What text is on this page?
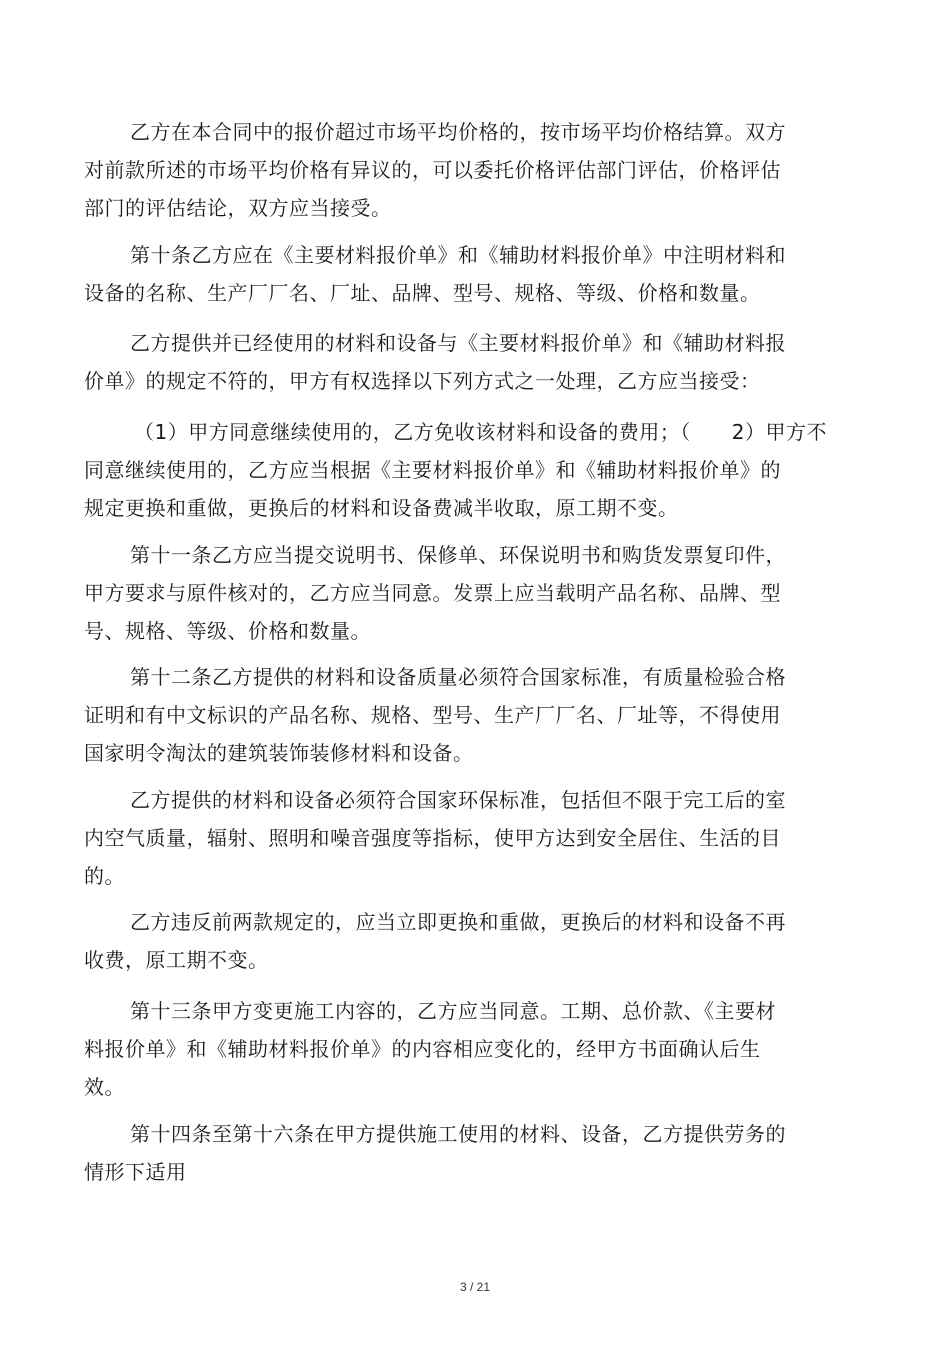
乙方在本合同中的报价超过市场平均价格的，按市场平均价格结算。双方
对前款所述的市场平均价格有异议的，可以委托价格评估部门评估，价格评估
部门的评估结论，双方应当接受。
第十条乙方应在《主要材料报价单》和《辅助材料报价单》中注明材料和
设备的名称、生产厂厂名、厂址、品牌、型号、规格、等级、价格和数量。
乙方提供并已经使用的材料和设备与《主要材料报价单》和《辅助材料报
价单》的规定不符的，甲方有权选择以下列方式之一处理，乙方应当接受：
（1）甲方同意继续使用的，乙方免收该材料和设备的费用；（　　2）甲方不
同意继续使用的，乙方应当根据《主要材料报价单》和《辅助材料报价单》的
规定更换和重做，更换后的材料和设备费减半收取，原工期不变。
第十一条乙方应当提交说明书、保修单、环保说明书和购货发票复印件，
甲方要求与原件核对的，乙方应当同意。发票上应当载明产品名称、品牌、型
号、规格、等级、价格和数量。
第十二条乙方提供的材料和设备质量必须符合国家标准，有质量检验合格
证明和有中文标识的产品名称、规格、型号、生产厂厂名、厂址等，不得使用
国家明令淘汰的建筑装饰装修材料和设备。
乙方提供的材料和设备必须符合国家环保标准，包括但不限于完工后的室
内空气质量，辐射、照明和噪音强度等指标，使甲方达到安全居住、生活的目
的。
乙方违反前两款规定的，应当立即更换和重做，更换后的材料和设备不再
收费，原工期不变。
第十三条甲方变更施工内容的，乙方应当同意。工期、总价款、《主要材
料报价单》和《辅助材料报价单》的内容相应变化的，经甲方书面确认后生
效。
第十四条至第十六条在甲方提供施工使用的材料、设备，乙方提供劳务的
情形下适用
3 / 21
